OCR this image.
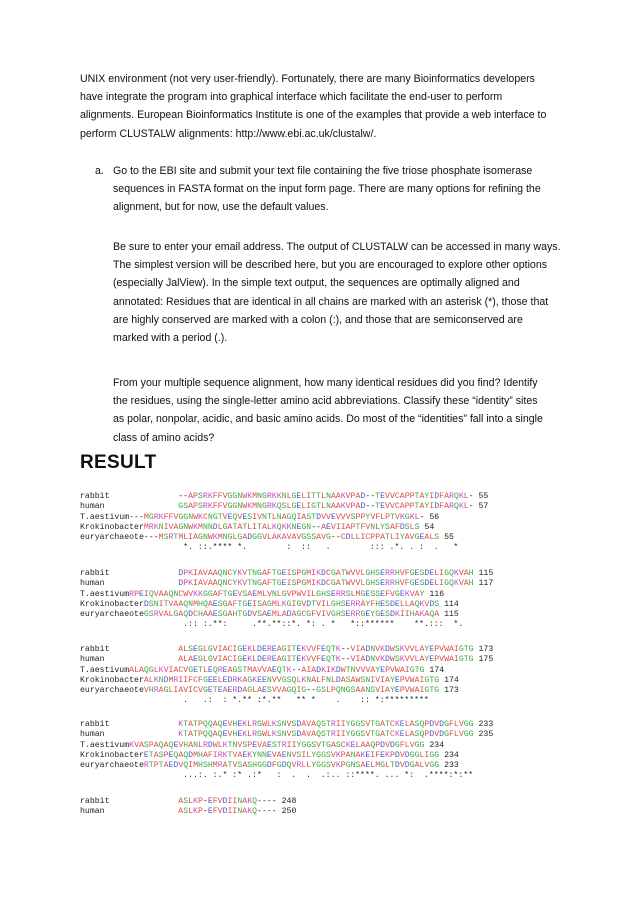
UNIX environment (not very user-friendly). Fortunately, there are many Bioinformatics developers
have integrate the program into graphical interface which facilitate the end-user to perform
alignments. European Bioinformatics Institute is one of the examples that provide a web interface to
perform CLUSTALW alignments: http://www.ebi.ac.uk/clustalw/.
a. Go to the EBI site and submit your text file containing the five triose phosphate isomerase
sequences in FASTA format on the input form page. There are many options for refining the
alignment, but for now, use the default values.
Be sure to enter your email address. The output of CLUSTALW can be accessed in many ways.
The simplest version will be described here, but you are encouraged to explore other options
(especially JalView). In the simple text output, the sequences are optimally aligned and
annotated: Residues that are identical in all chains are marked with an asterisk (*), those that
are highly conserved are marked with a colon (:), and those that are semiconserved are
marked with a period (.).
From your multiple sequence alignment, how many identical residues did you find? Identify
the residues, using the single-letter amino acid abbreviations. Classify these “identity” sites
as polar, nonpolar, acidic, and basic amino acids. Do most of the “identities” fall into a single
class of amino acids?
RESULT
rabbit              --APSRKFFVGGNWKMNGRKKNLGELITTLNAAKVPAD--TEVVCAPPTAYIDFARQKL- 55
human               GSAPSRKFFVGGNWKMNGRKQSLGELIGTLNAAKVPAD--TEVVCAPPTAYIDFARQKL- 57
T.aestivum---MGRKFFVGGNWKCNGTVEQVESIVNTLNAGQIASTDVVEVVVSPPYVFLPTVKGKL- 56
KrokinobacterMRKNIVAGNWKMNNDLGATATLITALKQKKNEGN--AEVIIAPTFVNLYSAFDSLS 54
euryarchaeote---MSRTMLIAGNWKMNGLGADGGVLAKAVAVGSSAVG--CDLLICPPATLIYAVGEALS 55
*. ::.**** *.        :  ::   .        ::: .*. . :  .   *
rabbit              DPKIAVAAQNCYKVTNGAFTGEISPGMIKDCGATWVVLGHSERRHVFGESDELIGQKVAH 115
human               DPKIAVAAQNCYKVTNGAFTGEISPGMIKDCGATWVVLGHSERRHVFGESDELIGQKVAH 117
T.aestivumRPEIQVAAQNCWVKKGGAFTGEVSAEMLVNLGVPWVILGHSERRSLMGESSEFVGEKVAY 116
KrokinobacterDSNITVAAQNMHQAESGAFTGEISAGMLKGIGVDTVILGHSERRAYFHESDELLAQKVDS 114
euryarchaeoteGSRVALGAQDCHAAESGAHTGDVSAEMLADAGCGFVIVGHSERRGEYGESDKIIHAKAQA 115
.:: :.**:     .**.**::*. *: . *   *::******    **.:::  *.
rabbit              ALSEGLGVIACIGEKLDEREAGITEKVVFEQTK--VIADNVKDWSKVVLAYEPVWAIGTG 173
human               ALAEGLGVIACIGEKLDEREAGITEKVVFEQTK--VIADNVKDWSKVVLAYEPVWAIGTG 175
T.aestivumALAQGLKVIACVGETLEQREAGSTMAVVAEQTK--AIADKIKDWTNVVVAYEPVWAIGTG 174
KrokinobacterALKNDMRIIFCFGEELEDRKAGKEENVVGSQLKNALFNLDASAWSNIVIAYEPVWAIGTG 174
euryarchaeoteVHRAGLIAVICVGETEAERDAGLAESVVAGQIG--GSLPQNGSAANSVIAYEPVWAIGTG 173
.   .:  : *.** :*.**   ** *    .    :: *:*********
rabbit              KTATPQQAQEVHEKLRGWLKSNVSDAVAQSTRIIYGGSVTGATCKELASQPDVDGFLVGG 233
human               KTATPQQAQEVHEKLRGWLKSNVSDAVAQSTRIIYGGSVTGATCKELASQPDVDGFLVGG 235
T.aestivumKVASPAQAQEVHANLRDWLKTNVSPEVAESTRIIYGGSVTGASCKELAAQPDVDGFLVGG 234
KrokinobacterETASPEQAQDMHAFIRKTVAEKYNNEVAENVSILYGGSVKPANAKEIFEKPDVDGGLIGG 234
euryarchaeoteRTPTAEDVQIMHSHMRATVSASHGGDFGDQVRLLYGGSVKPGNSAELMGLTDVDGALVGG 233
...:. :.* :* .:*   :  .  .  .:.. ::****. ... *:  .****:*:**
rabbit              ASLKP-EFVDIINAKQ---- 248
human               ASLKP-EFVDIINAKQ---- 250
